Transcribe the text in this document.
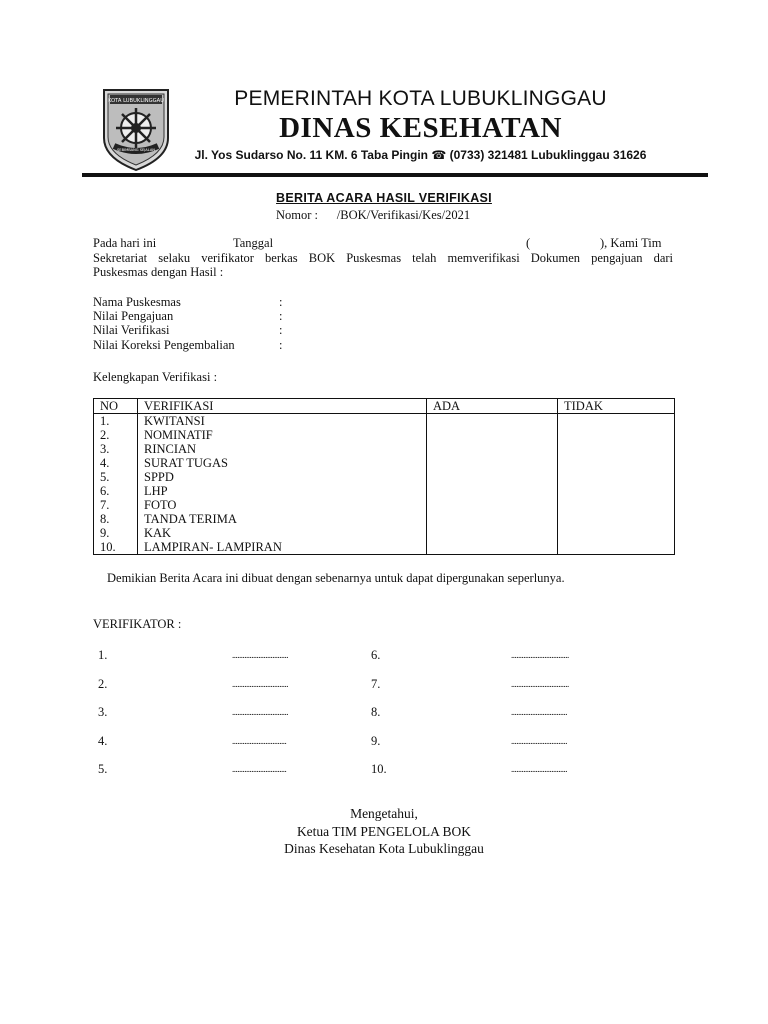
KOTA LUBUKLINGGAU
SEBIMBANG SEJALAN
PEMERINTAH KOTA LUBUKLINGGAU
DINAS KESEHATAN
Jl. Yos Sudarso No. 11 KM. 6 Taba Pingin ☎ (0733) 321481 Lubuklinggau 31626
BERITA ACARA HASIL VERIFIKASI
Nomor :      /BOK/Verifikasi/Kes/2021
Pada hari ini	Tanggal	(	), Kami Tim
Sekretariat selaku verifikator berkas BOK Puskesmas telah memverifikasi Dokumen pengajuan dari
Puskesmas dengan Hasil :
Nama Puskesmas	:
Nilai Pengajuan	:
Nilai Verifikasi	:
Nilai Koreksi Pengembalian	:
Kelengkapan Verifikasi :
NO	VERIFIKASI	ADA	TIDAK
1.	KWITANSI		
2.	NOMINATIF		
3.	RINCIAN		
4.	SURAT TUGAS		
5.	SPPD		
6.	LHP		
7.	FOTO		
8.	TANDA TERIMA		
9.	KAK		
10.	LAMPIRAN- LAMPIRAN		
Demikian Berita Acara ini dibuat dengan sebenarnya untuk dapat dipergunakan seperlunya.
VERIFIKATOR :
1.	................................
2.	................................
3.	................................
4.	...............................
5.	...............................
6.	.................................
7.	.................................
8.	................................
9.	................................
10.	................................
Mengetahui,
Ketua TIM PENGELOLA BOK
Dinas Kesehatan Kota Lubuklinggau
